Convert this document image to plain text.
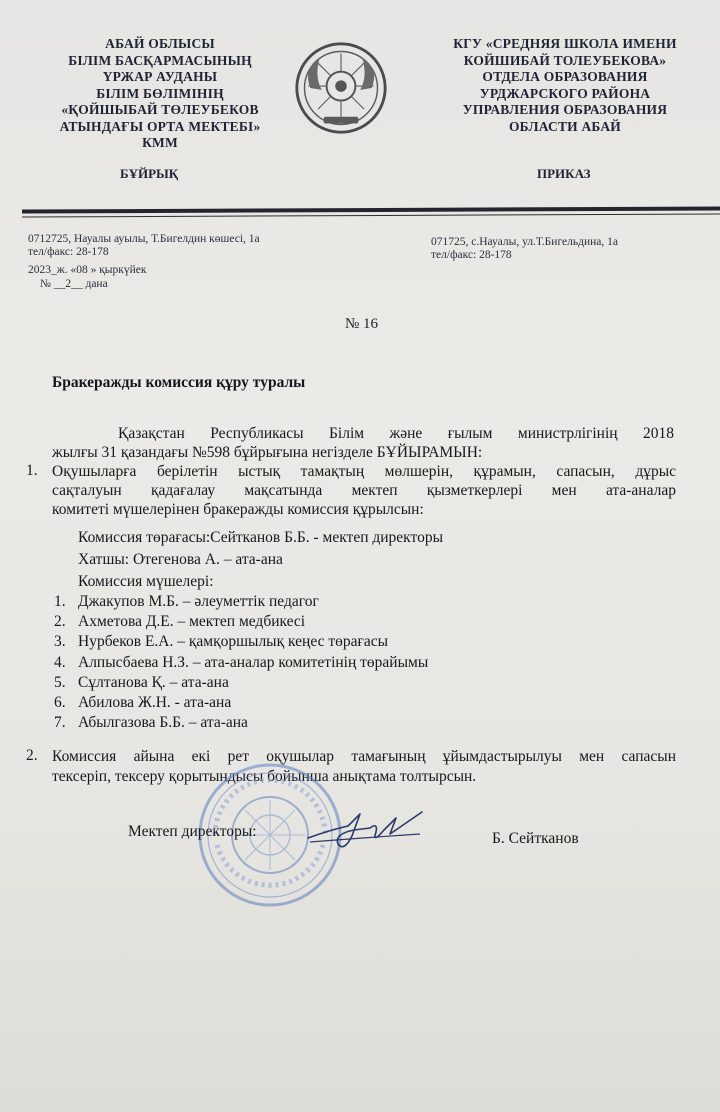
АБАЙ ОБЛЫСЫ
БІЛІМ БАСҚАРМАСЫНЫҢ
ҮРЖАР АУДАНЫ
БІЛІМ БӨЛІМІНІҢ
«ҚОЙШЫБАЙ ТӨЛЕУБЕКОВ
АТЫНДАҒЫ ОРТА МЕКТЕБІ»
КММ
КГУ «СРЕДНЯЯ ШКОЛА ИМЕНИ
КОЙШИБАЙ ТОЛЕУБЕКОВА»
ОТДЕЛА ОБРАЗОВАНИЯ
УРДЖАРСКОГО РАЙОНА
УПРАВЛЕНИЯ ОБРАЗОВАНИЯ
ОБЛАСТИ АБАЙ
БҰЙРЫҚ	ПРИКАЗ
0712725, Науалы ауылы, Т.Бигелдин көшесі, 1а
тел/факс: 28-178
071725, с.Науалы, ул.Т.Бигельдина, 1а
тел/факс: 28-178
2023_ж. «08 » қыркүйек
№ __2__ дана
№ 16
Бракеражды комиссия құру туралы
Қазақстан Республикасы Білім және ғылым министрлігінің 2018
жылғы 31 қазандағы №598 бұйрығына негізделе БҰЙЫРАМЫН:
1. Оқушыларға берілетін ыстық тамақтың мөлшерін, құрамын, сапасын, дұрыс
сақталуын қадағалау мақсатында мектеп қызметкерлері мен ата-аналар
комитеті мүшелерінен бракеражды комиссия құрылсын:
Комиссия төрағасы:Сейтканов Б.Б. - мектеп директоры
Хатшы: Отегенова А. – ата-ана
Комиссия мүшелері:
1. Джакупов М.Б. – әлеуметтік педагог
2. Ахметова Д.Е. – мектеп медбикесі
3. Нурбеков Е.А. – қамқоршылық кеңес төрағасы
4. Алпысбаева Н.З. – ата-аналар комитетінің төрайымы
5. Сұлтанова Қ. – ата-ана
6. Абилова Ж.Н. - ата-ана
7. Абылгазова Б.Б. – ата-ана
2. Комиссия айына екі рет оқушылар тамағының ұйымдастырылуы мен сапасын
тексеріп, тексеру қорытындысы бойынша анықтама толтырсын.
Мектеп директоры:	Б. Сейтканов
